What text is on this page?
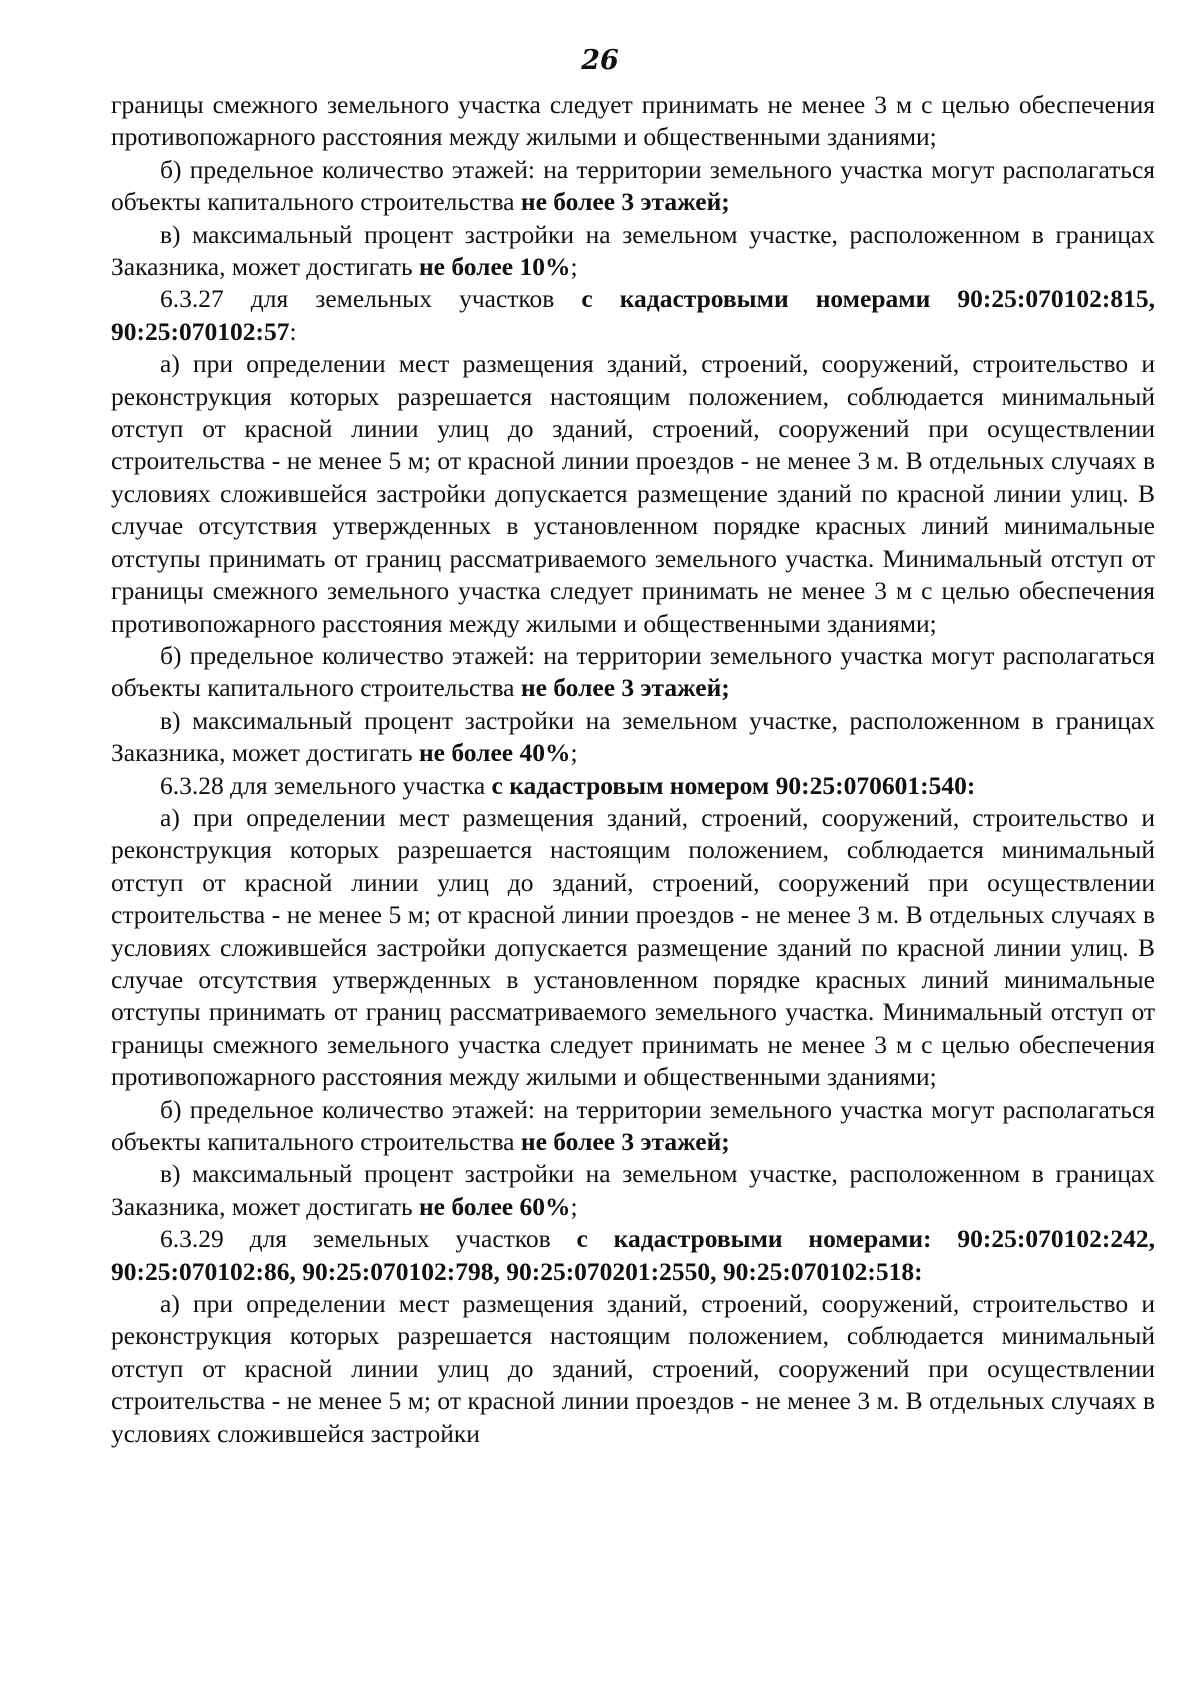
26

границы смежного земельного участка следует принимать не менее 3 м с целью обеспечения противопожарного расстояния между жилыми и общественными зданиями;

б) предельное количество этажей: на территории земельного участка могут располагаться объекты капитального строительства не более 3 этажей;

в) максимальный процент застройки на земельном участке, расположенном в границах Заказника, может достигать не более 10%;

6.3.27 для земельных участков с кадастровыми номерами 90:25:070102:815, 90:25:070102:57:

а) при определении мест размещения зданий, строений, сооружений, строительство и реконструкция которых разрешается настоящим положением, соблюдается минимальный отступ от красной линии улиц до зданий, строений, сооружений при осуществлении строительства - не менее 5 м; от красной линии проездов - не менее 3 м. В отдельных случаях в условиях сложившейся застройки допускается размещение зданий по красной линии улиц. В случае отсутствия утвержденных в установленном порядке красных линий минимальные отступы принимать от границ рассматриваемого земельного участка. Минимальный отступ от границы смежного земельного участка следует принимать не менее 3 м с целью обеспечения противопожарного расстояния между жилыми и общественными зданиями;

б) предельное количество этажей: на территории земельного участка могут располагаться объекты капитального строительства не более 3 этажей;

в) максимальный процент застройки на земельном участке, расположенном в границах Заказника, может достигать не более 40%;

6.3.28 для земельного участка с кадастровым номером 90:25:070601:540:

а) при определении мест размещения зданий, строений, сооружений, строительство и реконструкция которых разрешается настоящим положением, соблюдается минимальный отступ от красной линии улиц до зданий, строений, сооружений при осуществлении строительства - не менее 5 м; от красной линии проездов - не менее 3 м. В отдельных случаях в условиях сложившейся застройки допускается размещение зданий по красной линии улиц. В случае отсутствия утвержденных в установленном порядке красных линий минимальные отступы принимать от границ рассматриваемого земельного участка. Минимальный отступ от границы смежного земельного участка следует принимать не менее 3 м с целью обеспечения противопожарного расстояния между жилыми и общественными зданиями;

б) предельное количество этажей: на территории земельного участка могут располагаться объекты капитального строительства не более 3 этажей;

в) максимальный процент застройки на земельном участке, расположенном в границах Заказника, может достигать не более 60%;

6.3.29 для земельных участков с кадастровыми номерами: 90:25:070102:242, 90:25:070102:86, 90:25:070102:798, 90:25:070201:2550, 90:25:070102:518:

а) при определении мест размещения зданий, строений, сооружений, строительство и реконструкция которых разрешается настоящим положением, соблюдается минимальный отступ от красной линии улиц до зданий, строений, сооружений при осуществлении строительства - не менее 5 м; от красной линии проездов - не менее 3 м. В отдельных случаях в условиях сложившейся застройки
